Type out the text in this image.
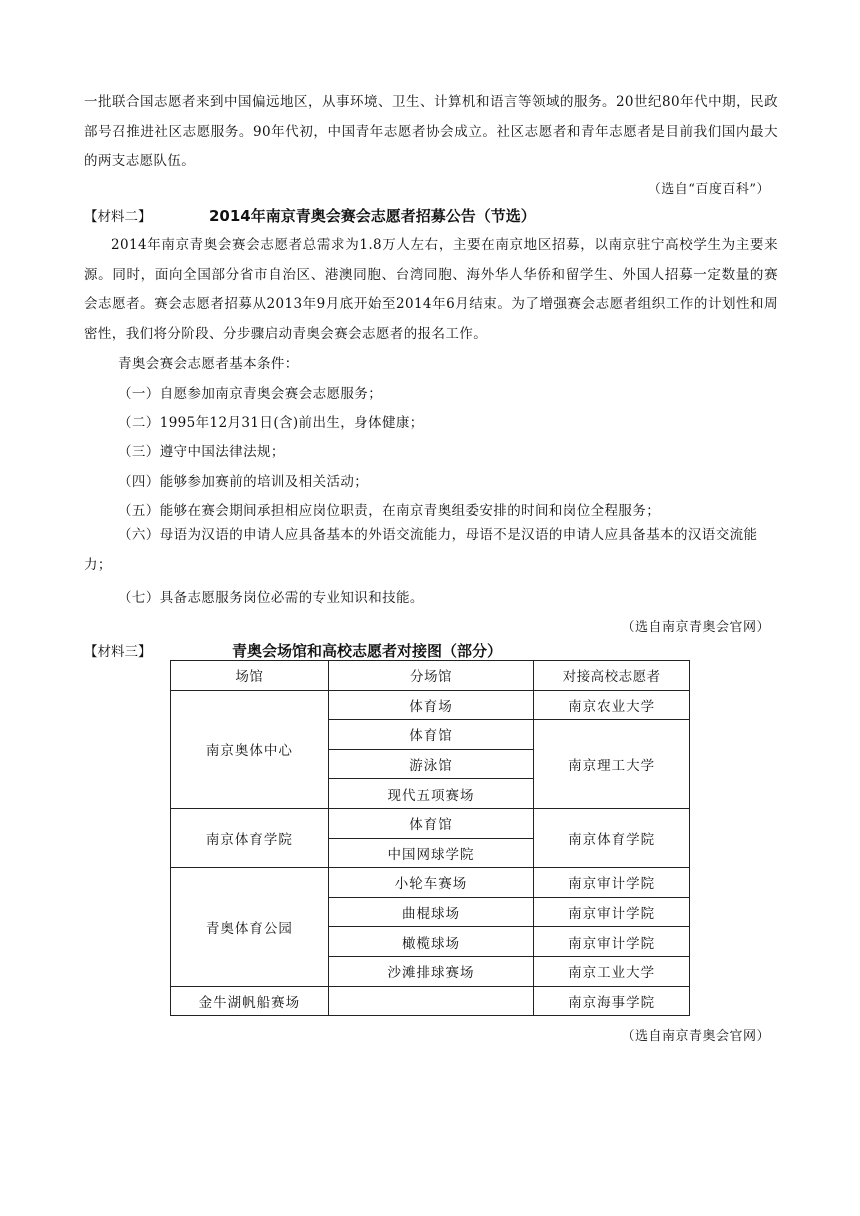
一批联合国志愿者来到中国偏远地区，从事环境、卫生、计算机和语言等领域的服务。20世纪80年代中期，民政部号召推进社区志愿服务。90年代初，中国青年志愿者协会成立。社区志愿者和青年志愿者是目前我们国内最大的两支志愿队伍。
（选自“百度百科”）
【材料二】	2014年南京青奥会赛会志愿者招募公告（节选）
2014年南京青奥会赛会志愿者总需求为1.8万人左右，主要在南京地区招募，以南京驻宁高校学生为主要来源。同时，面向全国部分省市自治区、港澳同胞、台湾同胞、海外华人华侨和留学生、外国人招募一定数量的赛会志愿者。赛会志愿者招募从2013年9月底开始至2014年6月结束。为了增强赛会志愿者组织工作的计划性和周密性，我们将分阶段、分步骤启动青奥会赛会志愿者的报名工作。
青奥会赛会志愿者基本条件：
（一）自愿参加南京青奥会赛会志愿服务；
（二）1995年12月31日(含)前出生，身体健康；
（三）遵守中国法律法规；
（四）能够参加赛前的培训及相关活动；
（五）能够在赛会期间承担相应岗位职责，在南京青奥组委安排的时间和岗位全程服务；
（六）母语为汉语的申请人应具备基本的外语交流能力，母语不是汉语的申请人应具备基本的汉语交流能力；
（七）具备志愿服务岗位必需的专业知识和技能。
（选自南京青奥会官网）
【材料三】	青奥会场馆和高校志愿者对接图（部分）
场馆	分场馆	对接高校志愿者
南京奥体中心	体育场	南京农业大学
	体育馆	南京理工大学
	游泳馆	
	现代五项赛场	
南京体育学院	体育馆	南京体育学院
	中国网球学院	
青奥体育公园	小轮车赛场	南京审计学院
	曲棍球场	南京审计学院
	橄榄球场	南京审计学院
	沙滩排球赛场	南京工业大学
金牛湖帆船赛场		南京海事学院
（选自南京青奥会官网）
